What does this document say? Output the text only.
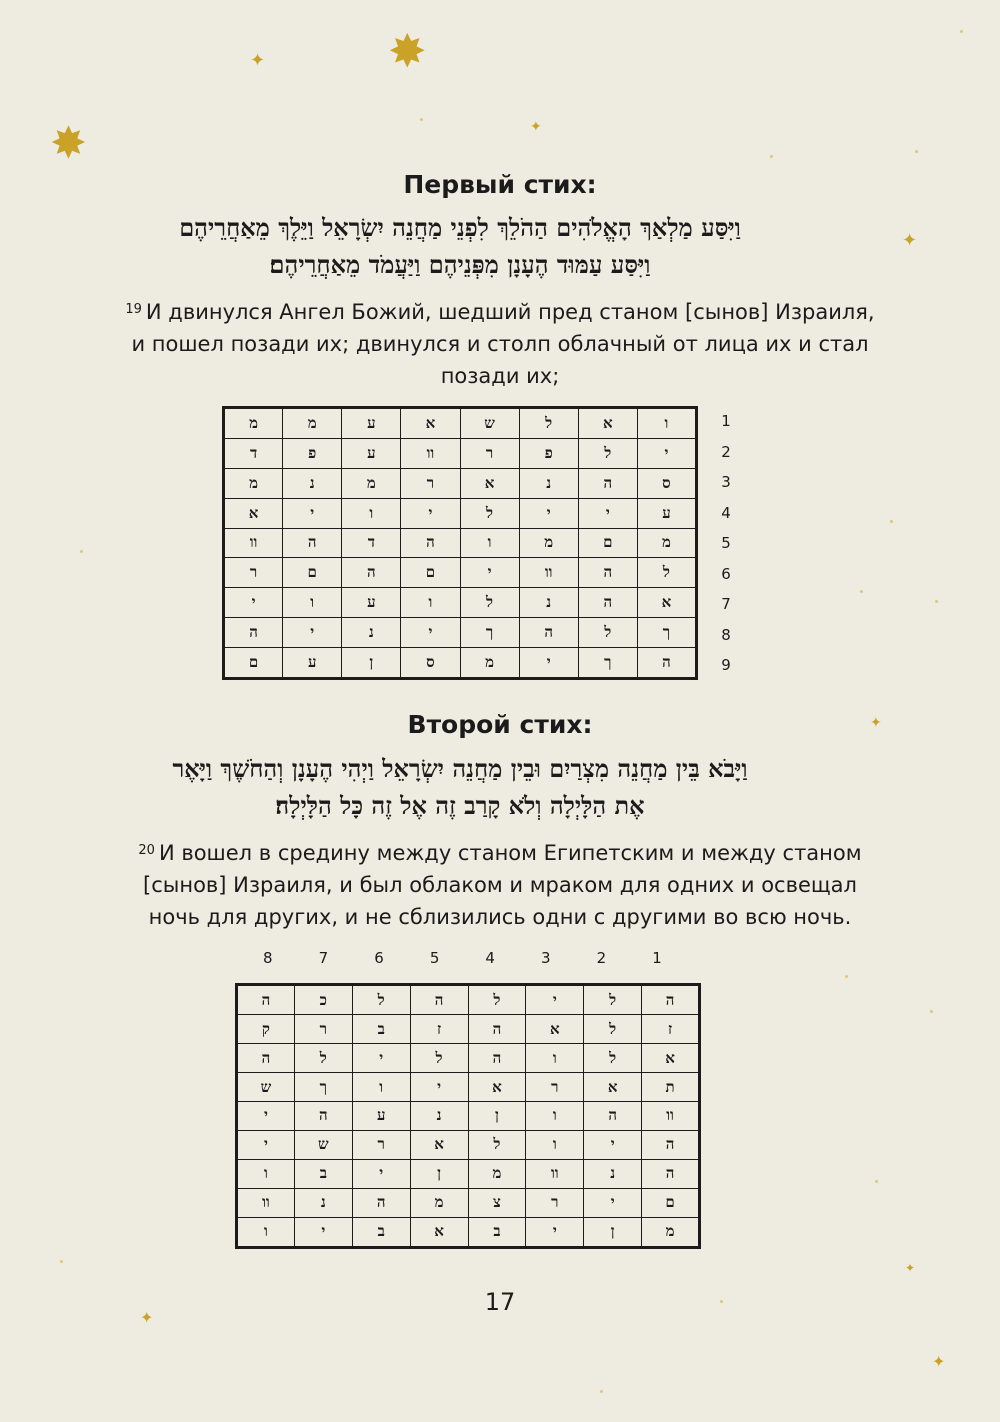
✸
✸
✦
✦
✦
✦
✦
✦
✦
Первый стих:
וַיִּסַּע מַלְאַךְ הָאֱלֹהִים הַהֹלֵךְ לִפְנֵי מַחֲנֵה יִשְׂרָאֵל וַיֵּלֶךְ מֵאַחֲרֵיהֶם
וַיִּסַּע עַמּוּד הֶעָנָן מִפְּנֵיהֶם וַיַּעֲמֹד מֵאַחֲרֵיהֶם׃
$^{19}$ И двинулся Ангел Божий, шедший пред станом [сынов] Израиля,
и пошел позади их; двинулся и столп облачный от лица их и стал
позади их;
ו	א	ל	ש	א	ע	מ	מ
י	ל	פ	ר	וו	ע	פ	ד
ס	ה	נ	א	ר	מ	נ	מ
ע	י	י	ל	י	ו	י	א
מ	ם	מ	ו	ה	ד	ה	וו
ל	ה	וו	י	ם	ה	ם	ר
א	ה	נ	ל	ו	ע	ו	י
ך	ל	ה	ך	י	נ	י	ה
ה	ך	י	מ	ס	ן	ע	ם
1
2
3
4
5
6
7
8
9
Второй стих:
וַיָּבֹא בֵּין מַחֲנֵה מִצְרַיִם וּבֵין מַחֲנֵה יִשְׂרָאֵל וַיְהִי הֶעָנָן וְהַחֹשֶׁךְ וַיָּאֶר
אֶת הַלָּיְלָה וְלֹא קָרַב זֶה אֶל זֶה כָּל הַלָּיְלָה׃
$^{20}$ И вошел в средину между станом Египетским и между станом
[сынов] Израиля, и был облаком и мраком для одних и освещал
ночь для других, и не сблизились одни с другими во всю ночь.
1
2
3
4
5
6
7
8
ה	ל	י	ל	ה	ל	כ	ה
ז	ל	א	ה	ז	ב	ר	ק
א	ל	ו	ה	ל	י	ל	ה
ת	א	ר	א	י	ו	ך	ש
וו	ה	ו	ן	נ	ע	ה	י
ה	י	ו	ל	א	ר	ש	י
ה	נ	וו	מ	ן	י	ב	ו
ם	י	ר	צ	מ	ה	נ	וו
מ	ן	י	ב	א	ב	י	ו
17
